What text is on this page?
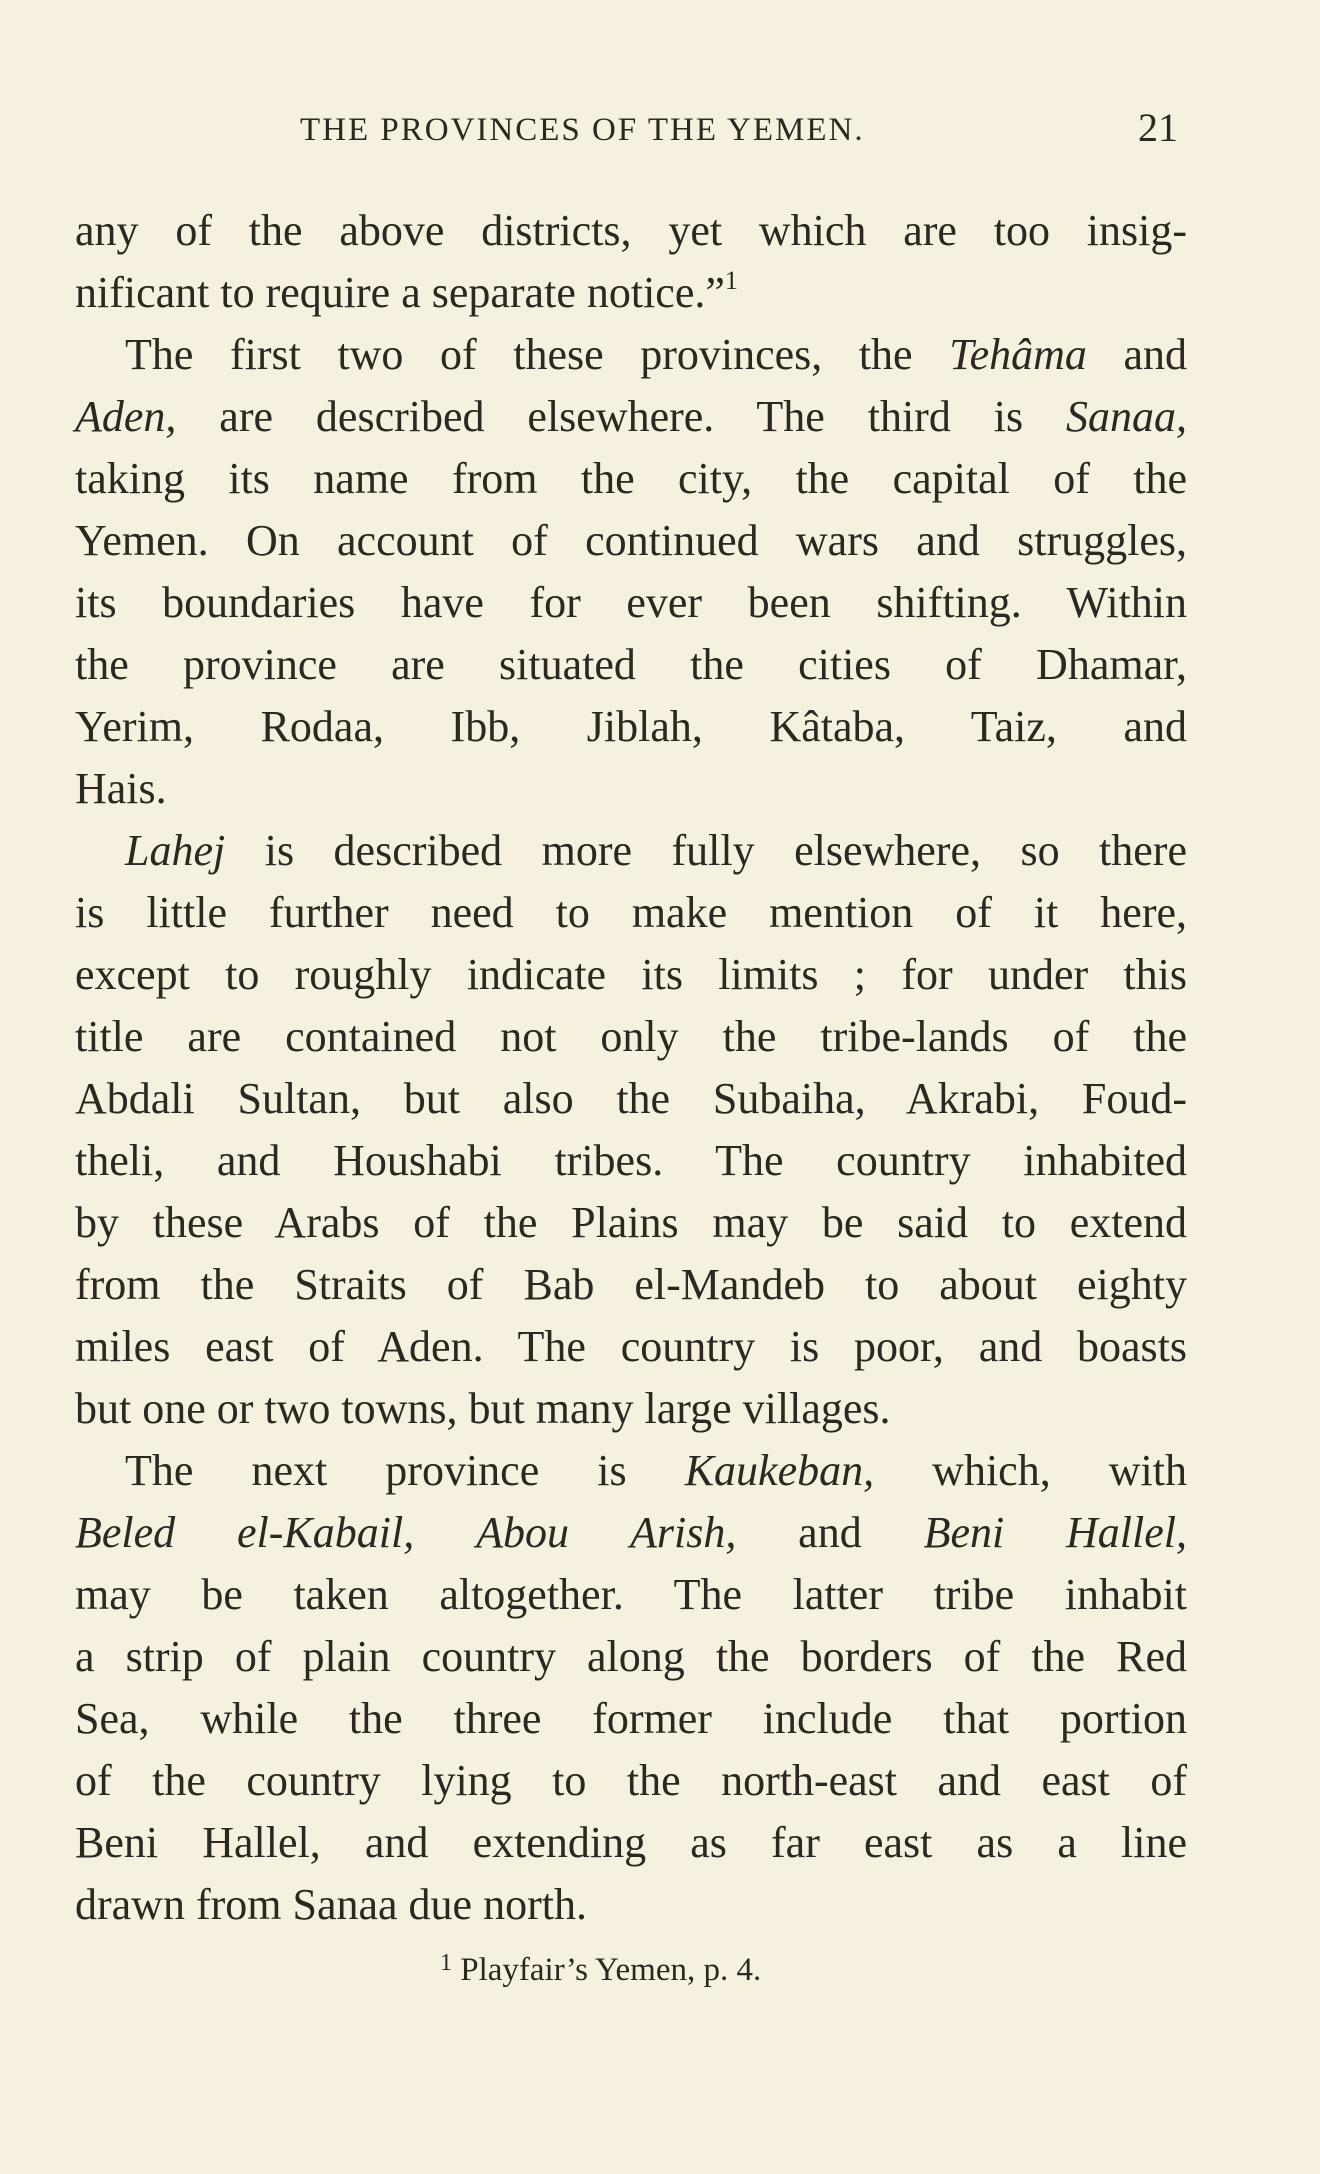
THE PROVINCES OF THE YEMEN.	21
any of the above districts, yet which are too insig-
nificant to require a separate notice.”$^1$
The first two of these provinces, the Tehâma and
Aden, are described elsewhere. The third is Sanaa,
taking its name from the city, the capital of the
Yemen. On account of continued wars and struggles,
its boundaries have for ever been shifting. Within
the province are situated the cities of Dhamar,
Yerim, Rodaa, Ibb, Jiblah, Kâtaba, Taiz, and
Hais.
Lahej is described more fully elsewhere, so there
is little further need to make mention of it here,
except to roughly indicate its limits ; for under this
title are contained not only the tribe-lands of the
Abdali Sultan, but also the Subaiha, Akrabi, Foud-
theli, and Houshabi tribes. The country inhabited
by these Arabs of the Plains may be said to extend
from the Straits of Bab el-Mandeb to about eighty
miles east of Aden. The country is poor, and boasts
but one or two towns, but many large villages.
The next province is Kaukeban, which, with
Beled el-Kabail, Abou Arish, and Beni Hallel,
may be taken altogether. The latter tribe inhabit
a strip of plain country along the borders of the Red
Sea, while the three former include that portion
of the country lying to the north-east and east of
Beni Hallel, and extending as far east as a line
drawn from Sanaa due north.
$^1$ Playfair’s Yemen, p. 4.
